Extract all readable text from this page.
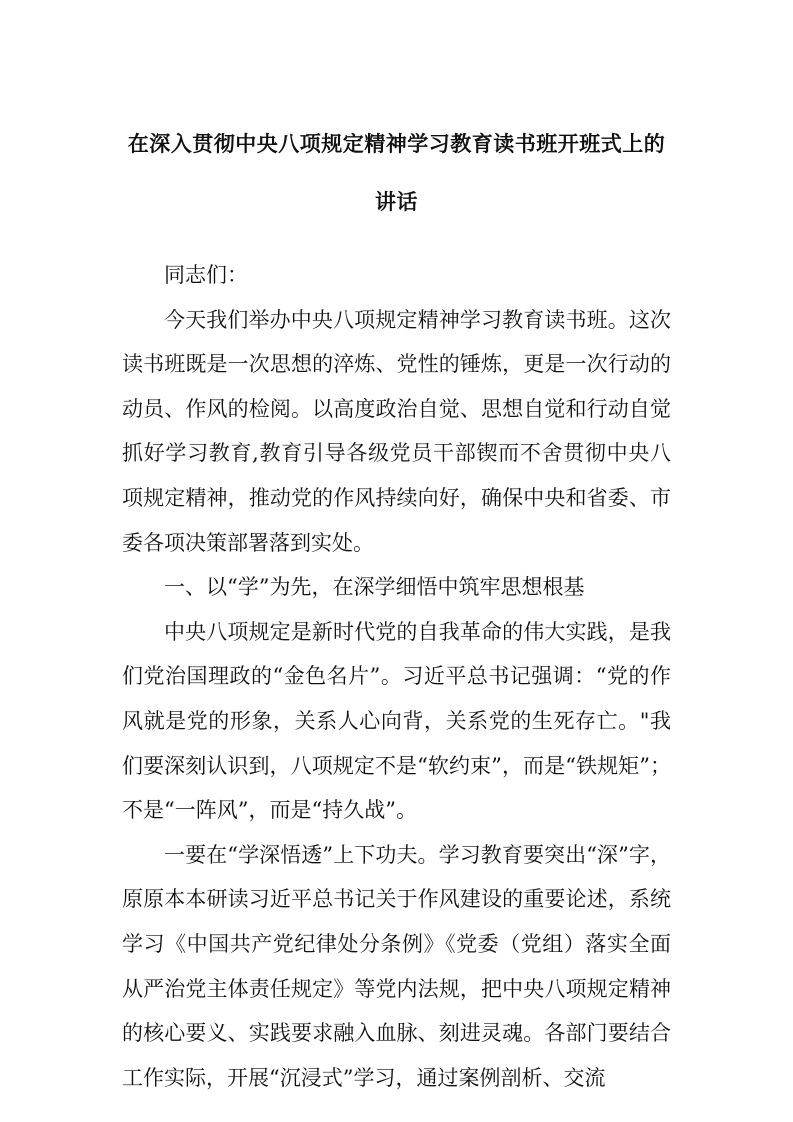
在深入贯彻中央八项规定精神学习教育读书班开班式上的讲话

同志们：

今天我们举办中央八项规定精神学习教育读书班。这次读书班既是一次思想的淬炼、党性的锤炼，更是一次行动的动员、作风的检阅。以高度政治自觉、思想自觉和行动自觉抓好学习教育,教育引导各级党员干部锲而不舍贯彻中央八项规定精神，推动党的作风持续向好，确保中央和省委、市委各项决策部署落到实处。

一、以“学”为先，在深学细悟中筑牢思想根基

中央八项规定是新时代党的自我革命的伟大实践，是我们党治国理政的“金色名片”。习近平总书记强调：“党的作风就是党的形象，关系人心向背，关系党的生死存亡。"我们要深刻认识到，八项规定不是“软约束”，而是“铁规矩”；不是“一阵风”，而是“持久战”。

一要在“学深悟透”上下功夫。学习教育要突出“深”字，原原本本研读习近平总书记关于作风建设的重要论述，系统学习《中国共产党纪律处分条例》《党委（党组）落实全面从严治党主体责任规定》等党内法规，把中央八项规定精神的核心要义、实践要求融入血脉、刻进灵魂。各部门要结合工作实际，开展“沉浸式”学习，通过案例剖析、交流
